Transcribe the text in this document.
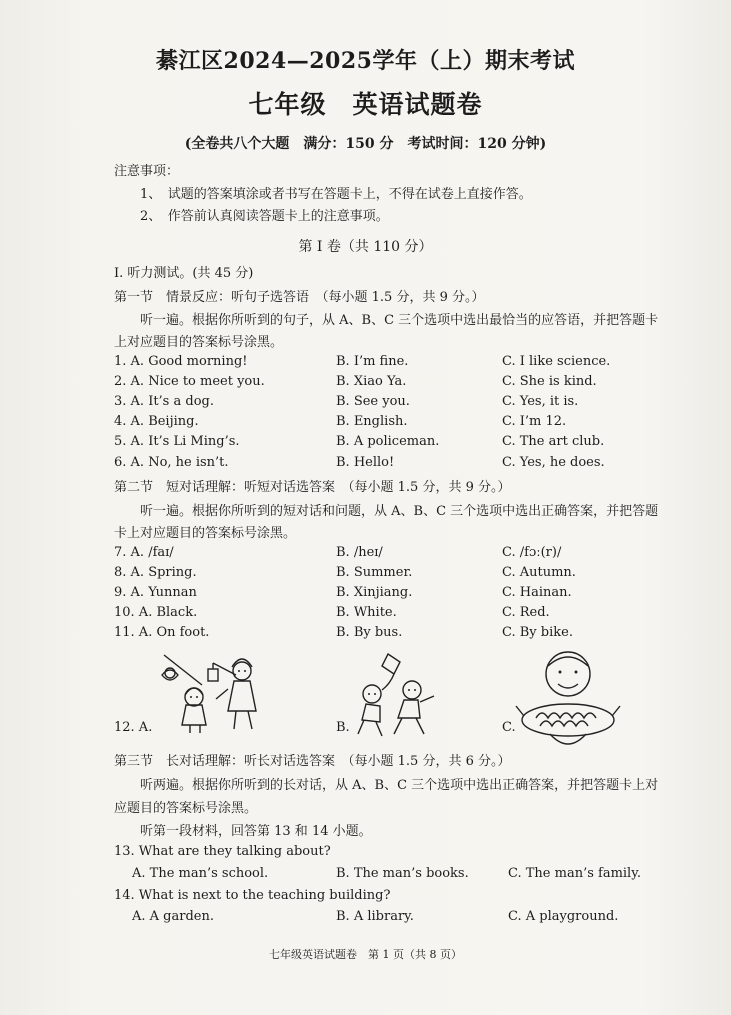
綦江区2024—2025学年（上）期末考试
七年级　英语试题卷
(全卷共八个大题　满分：150 分　考试时间：120 分钟)
注意事项：
1、　试题的答案填涂或者书写在答题卡上，不得在试卷上直接作答。
2、　作答前认真阅读答题卡上的注意事项。
第 I 卷（共 110 分）
I. 听力测试。(共 45 分)
第一节　情景反应：听句子选答语　（每小题 1.5 分，共 9 分。）
听一遍。根据你所听到的句子，从 A、B、C 三个选项中选出最恰当的应答语，并把答题卡
上对应题目的答案标号涂黑。
1. A. Good morning!	B. I’m fine.	C. I like science.
2. A. Nice to meet you.	B. Xiao Ya.	C. She is kind.
3. A. It’s a dog.	B. See you.	C. Yes, it is.
4. A. Beijing.	B. English.	C. I’m 12.
5. A. It’s Li Ming’s.	B. A policeman.	C. The art club.
6. A. No, he isn’t.	B. Hello!	C. Yes, he does.
第二节　短对话理解：听短对话选答案　（每小题 1.5 分，共 9 分。）
听一遍。根据你所听到的短对话和问题，从 A、B、C 三个选项中选出正确答案，并把答题
卡上对应题目的答案标号涂黑。
7. A. /faɪ/	B. /heɪ/	C. /fɔː(r)/
8. A. Spring.	B. Summer.	C. Autumn.
9. A. Yunnan	B. Xinjiang.	C. Hainan.
10. A. Black.	B. White.	C. Red.
11. A. On foot.	B. By bus.	C. By bike.
12. A.	B.	C.
第三节　长对话理解：听长对话选答案　（每小题 1.5 分，共 6 分。）
听两遍。根据你所听到的长对话，从 A、B、C 三个选项中选出正确答案，并把答题卡上对
应题目的答案标号涂黑。
听第一段材料，回答第 13 和 14 小题。
13. What are they talking about?
A. The man’s school.	B. The man’s books.	C. The man’s family.
14. What is next to the teaching building?
A. A garden.	B. A library.	C. A playground.
七年级英语试题卷　第 1 页（共 8 页）
